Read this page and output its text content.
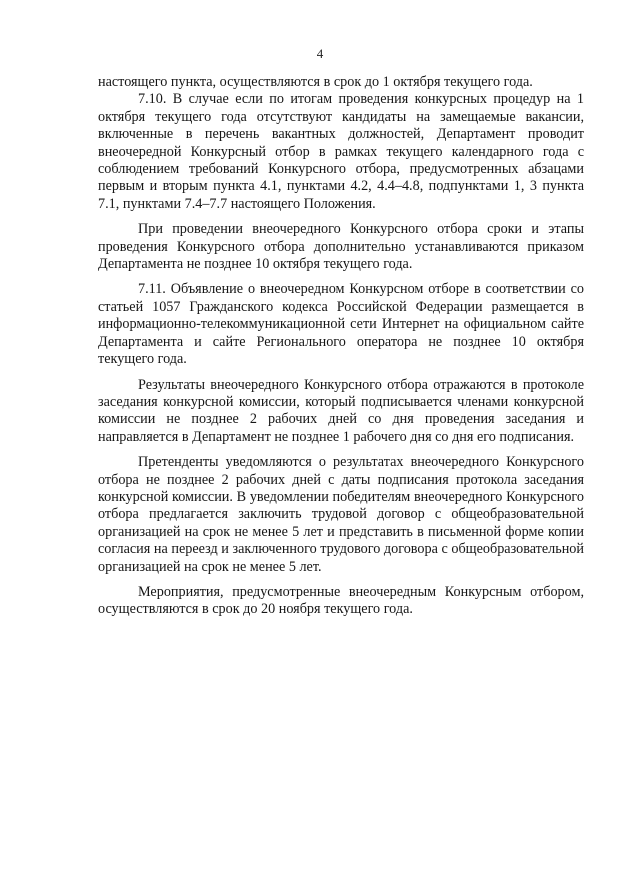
4

настоящего пункта, осуществляются в срок до 1 октября текущего года.

7.10. В случае если по итогам проведения конкурсных процедур на 1 октября текущего года отсутствуют кандидаты на замещаемые вакансии, включенные в перечень вакантных должностей, Департамент проводит внеочередной Конкурсный отбор в рамках текущего календарного года с соблюдением требований Конкурсного отбора, предусмотренных абзацами первым и вторым пункта 4.1, пунктами 4.2, 4.4–4.8, подпунктами 1, 3 пункта 7.1, пунктами 7.4–7.7 настоящего Положения.

При проведении внеочередного Конкурсного отбора сроки и этапы проведения Конкурсного отбора дополнительно устанавливаются приказом Департамента не позднее 10 октября текущего года.

7.11. Объявление о внеочередном Конкурсном отборе в соответствии со статьей 1057 Гражданского кодекса Российской Федерации размещается в информационно-телекоммуникационной сети Интернет на официальном сайте Департамента и сайте Регионального оператора не позднее 10 октября текущего года.

Результаты внеочередного Конкурсного отбора отражаются в протоколе заседания конкурсной комиссии, который подписывается членами конкурсной комиссии не позднее 2 рабочих дней со дня проведения заседания и направляется в Департамент не позднее 1 рабочего дня со дня его подписания.

Претенденты уведомляются о результатах внеочередного Конкурсного отбора не позднее 2 рабочих дней с даты подписания протокола заседания конкурсной комиссии. В уведомлении победителям внеочередного Конкурсного отбора предлагается заключить трудовой договор с общеобразовательной организацией на срок не менее 5 лет и представить в письменной форме копии согласия на переезд и заключенного трудового договора с общеобразовательной организацией на срок не менее 5 лет.

Мероприятия, предусмотренные внеочередным Конкурсным отбором, осуществляются в срок до 20 ноября текущего года.
